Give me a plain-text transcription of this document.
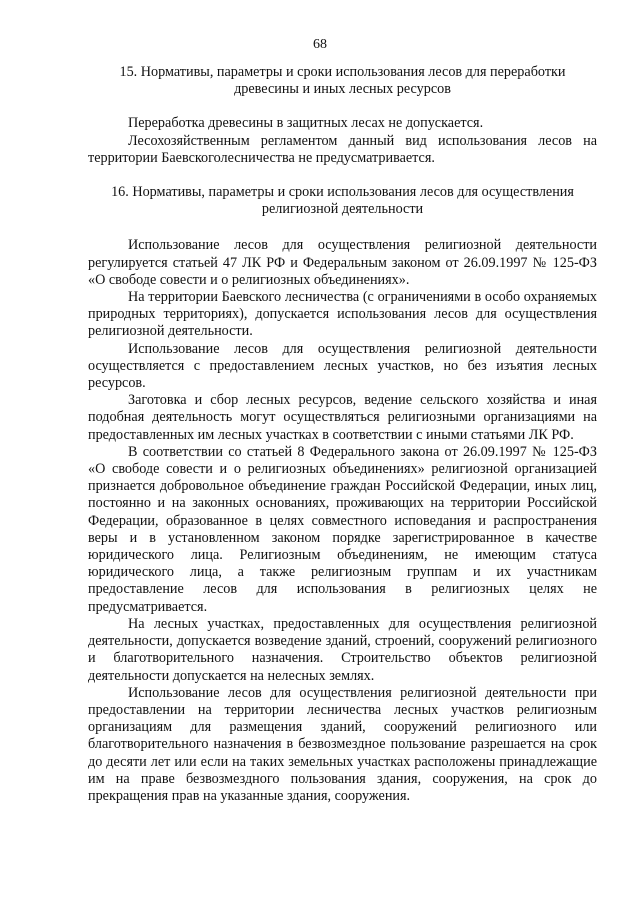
68
15. Нормативы, параметры и сроки использования лесов для переработки древесины и иных лесных ресурсов

Переработка древесины в защитных лесах не допускается.

Лесохозяйственным регламентом данный вид использования лесов на территории Баевскоголесничества не предусматривается.

16. Нормативы, параметры и сроки использования лесов для осуществления религиозной деятельности

Использование лесов для осуществления религиозной деятельности регулируется статьей 47 ЛК РФ и Федеральным законом от 26.09.1997 № 125-ФЗ «О свободе совести и о религиозных объединениях».

На территории Баевского лесничества (с ограничениями в особо охраняемых природных территориях), допускается использования лесов для осуществления религиозной деятельности.

Использование лесов для осуществления религиозной деятельности осуществляется с предоставлением лесных участков, но без изъятия лесных ресурсов.

Заготовка и сбор лесных ресурсов, ведение сельского хозяйства и иная подобная деятельность могут осуществляться религиозными организациями на предоставленных им лесных участках в соответствии с иными статьями ЛК РФ.

В соответствии со статьей 8 Федерального закона от 26.09.1997 № 125-ФЗ «О свободе совести и о религиозных объединениях» религиозной организацией признается добровольное объединение граждан Российской Федерации, иных лиц, постоянно и на законных основаниях, проживающих на территории Российской Федерации, образованное в целях совместного исповедания и распространения веры и в установленном законом порядке зарегистрированное в качестве юридического лица. Религиозным объединениям, не имеющим статуса юридического лица, а также религиозным группам и их участникам предоставление лесов для использования в религиозных целях не предусматривается.

На лесных участках, предоставленных для осуществления религиозной деятельности, допускается возведение зданий, строений, сооружений религиозного и благотворительного назначения. Строительство объектов религиозной деятельности допускается на нелесных землях.

Использование лесов для осуществления религиозной деятельности при предоставлении на территории лесничества лесных участков религиозным организациям для размещения зданий, сооружений религиозного или благотворительного назначения в безвозмездное пользование разрешается на срок до десяти лет или если на таких земельных участках расположены принадлежащие им на праве безвозмездного пользования здания, сооружения, на срок до прекращения прав на указанные здания, сооружения.
